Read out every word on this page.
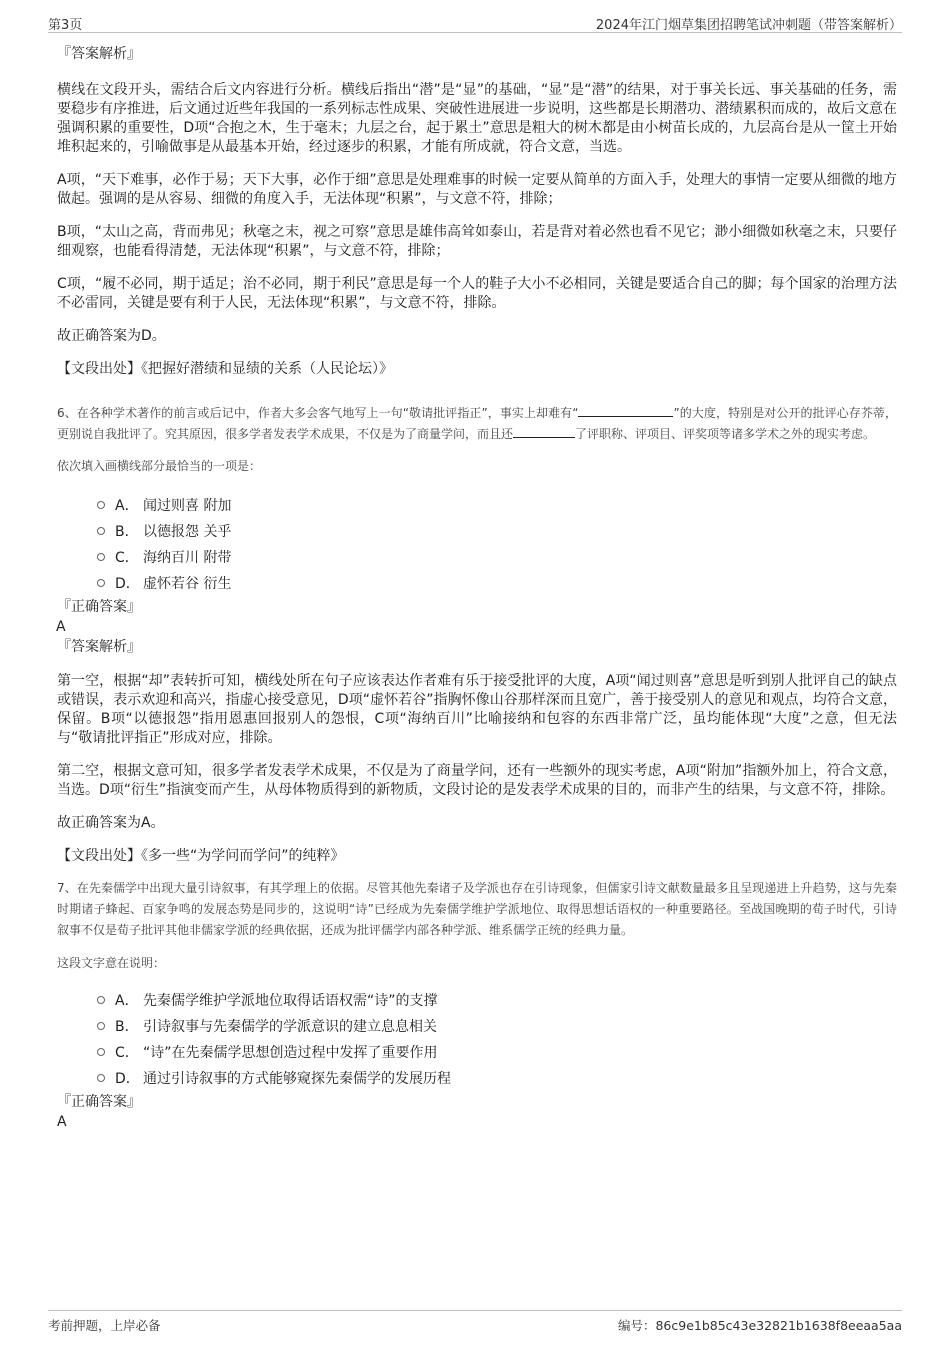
第3页	2024年江门烟草集团招聘笔试冲刺题（带答案解析）

『答案解析』

横线在文段开头，需结合后文内容进行分析。横线后指出“潜”是“显”的基础，“显”是“潜”的结果，对于事关长远、事关基础的任务，需要稳步有序推进，后文通过近些年我国的一系列标志性成果、突破性进展进一步说明，这些都是长期潜功、潜绩累积而成的，故后文意在强调积累的重要性，D项“合抱之木，生于毫末；九层之台，起于累土”意思是粗大的树木都是由小树苗长成的，九层高台是从一筐土开始堆积起来的，引喻做事是从最基本开始，经过逐步的积累，才能有所成就，符合文意，当选。

A项，“天下难事，必作于易；天下大事，必作于细”意思是处理难事的时候一定要从简单的方面入手，处理大的事情一定要从细微的地方做起。强调的是从容易、细微的角度入手，无法体现“积累”，与文意不符，排除；

B项，“太山之高，背而弗见；秋毫之末，视之可察”意思是雄伟高耸如泰山，若是背对着必然也看不见它；渺小细微如秋毫之末，只要仔细观察，也能看得清楚，无法体现“积累”，与文意不符，排除；

C项，“履不必同，期于适足；治不必同，期于利民”意思是每一个人的鞋子大小不必相同，关键是要适合自己的脚；每个国家的治理方法不必雷同，关键是要有利于人民，无法体现“积累”，与文意不符，排除。

故正确答案为D。

【文段出处】《把握好潜绩和显绩的关系（人民论坛）》

6、在各种学术著作的前言或后记中，作者大多会客气地写上一句“敬请批评指正”，事实上却难有“	”的大度，特别是对公开的批评心存芥蒂，更别说自我批评了。究其原因，很多学者发表学术成果，不仅是为了商量学问，而且还	了评职称、评项目、评奖项等诸多学术之外的现实考虑。

依次填入画横线部分最恰当的一项是：

A． 闻过则喜 附加
B． 以德报怨 关乎
C． 海纳百川 附带
D． 虚怀若谷 衍生

『正确答案』

A

『答案解析』

第一空，根据“却”表转折可知，横线处所在句子应该表达作者难有乐于接受批评的大度，A项“闻过则喜”意思是听到别人批评自己的缺点或错误，表示欢迎和高兴，指虚心接受意见，D项“虚怀若谷”指胸怀像山谷那样深而且宽广，善于接受别人的意见和观点，均符合文意，保留。B项“以德报怨”指用恩惠回报别人的怨恨，C项“海纳百川”比喻接纳和包容的东西非常广泛，虽均能体现“大度”之意，但无法与“敬请批评指正”形成对应，排除。

第二空，根据文意可知，很多学者发表学术成果，不仅是为了商量学问，还有一些额外的现实考虑，A项“附加”指额外加上，符合文意，当选。D项“衍生”指演变而产生，从母体物质得到的新物质，文段讨论的是发表学术成果的目的，而非产生的结果，与文意不符，排除。

故正确答案为A。

【文段出处】《多一些“为学问而学问”的纯粹》

7、在先秦儒学中出现大量引诗叙事，有其学理上的依据。尽管其他先秦诸子及学派也存在引诗现象，但儒家引诗文献数量最多且呈现递进上升趋势，这与先秦时期诸子蜂起、百家争鸣的发展态势是同步的，这说明“诗”已经成为先秦儒学维护学派地位、取得思想话语权的一种重要路径。至战国晚期的荀子时代，引诗叙事不仅是荀子批评其他非儒家学派的经典依据，还成为批评儒学内部各种学派、维系儒学正统的经典力量。

这段文字意在说明：

A． 先秦儒学维护学派地位取得话语权需“诗”的支撑
B． 引诗叙事与先秦儒学的学派意识的建立息息相关
C． “诗”在先秦儒学思想创造过程中发挥了重要作用
D． 通过引诗叙事的方式能够窥探先秦儒学的发展历程

『正确答案』

A

考前押题，上岸必备	编号：86c9e1b85c43e32821b1638f8eeaa5aa
